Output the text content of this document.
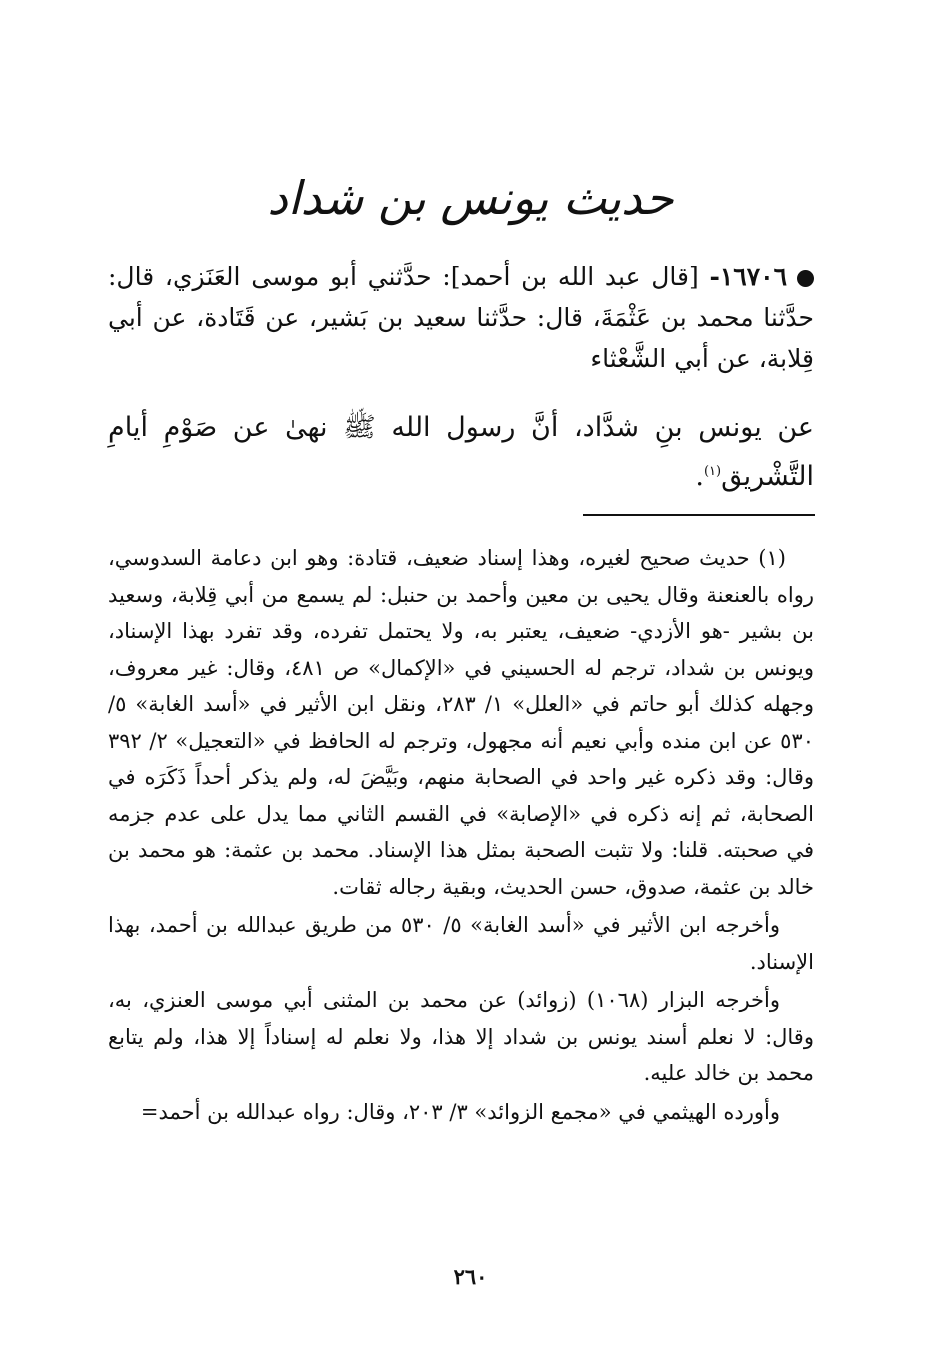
حديث يونس بن شداد

١٦٧٠٦- [قال عبد الله بن أحمد]: حدَّثني أبو موسى العَنَزي، قال: حدَّثنا محمد بن عَثْمَةَ، قال: حدَّثنا سعيد بن بَشير، عن قَتَادة، عن أبي قِلابة، عن أبي الشَّعْثاء

عن يونس بنِ شدَّاد، أنَّ رسول الله ﷺ نهىٰ عن صَوْمِ أيامِ التَّشْريق$^{(١)}$.

(١) حديث صحيح لغيره، وهذا إسناد ضعيف، قتادة: وهو ابن دعامة السدوسي، رواه بالعنعنة وقال يحيى بن معين وأحمد بن حنبل: لم يسمع من أبي قِلابة، وسعيد بن بشير -هو الأزدي- ضعيف، يعتبر به، ولا يحتمل تفرده، وقد تفرد بهذا الإسناد، ويونس بن شداد، ترجم له الحسيني في «الإكمال» ص ٤٨١، وقال: غير معروف، وجهله كذلك أبو حاتم في «العلل» ١/ ٢٨٣، ونقل ابن الأثير في «أسد الغابة» ٥/ ٥٣٠ عن ابن منده وأبي نعيم أنه مجهول، وترجم له الحافظ في «التعجيل» ٢/ ٣٩٢ وقال: وقد ذكره غير واحد في الصحابة منهم، وبَيَّضَ له، ولم يذكر أحداً ذَكَرَه في الصحابة، ثم إنه ذكره في «الإصابة» في القسم الثاني مما يدل على عدم جزمه في صحبته. قلنا: ولا تثبت الصحبة بمثل هذا الإسناد. محمد بن عثمة: هو محمد بن خالد بن عثمة، صدوق، حسن الحديث، وبقية رجاله ثقات.

وأخرجه ابن الأثير في «أسد الغابة» ٥/ ٥٣٠ من طريق عبدالله بن أحمد، بهذا الإسناد.

وأخرجه البزار (١٠٦٨) (زوائد) عن محمد بن المثنى أبي موسى العنزي، به، وقال: لا نعلم أسند يونس بن شداد إلا هذا، ولا نعلم له إسناداً إلا هذا، ولم يتابع محمد بن خالد عليه.

وأورده الهيثمي في «مجمع الزوائد» ٣/ ٢٠٣، وقال: رواه عبدالله بن أحمد=

٢٦٠
